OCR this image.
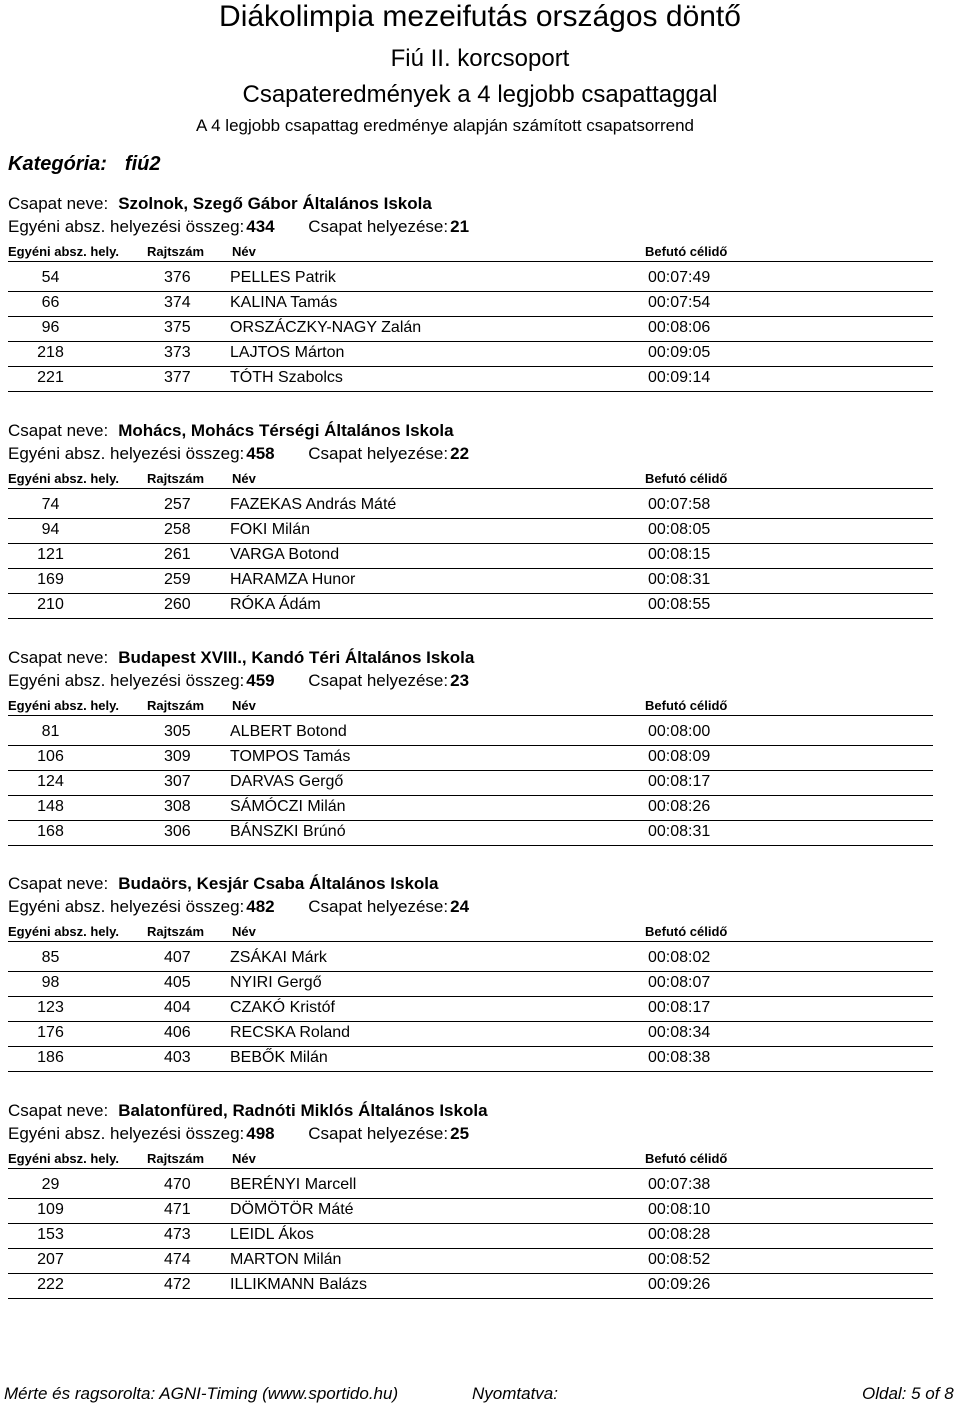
Diákolimpia mezeifutás országos döntő
Fiú II. korcsoport
Csapateredmények a 4 legjobb csapattaggal
A 4 legjobb csapattag eredménye alapján számított csapatsorrend
Kategória: fiú2
Csapat neve: Szolnok, Szegő Gábor Általános Iskola
Egyéni absz. helyezési összeg: 434 Csapat helyezése: 21
Egyéni absz. hely. Rajtszám Név	Befutó célidő
54	376 PELLES Patrik	00:07:49
66	374 KALINA Tamás	00:07:54
96	375 ORSZÁCZKY-NAGY Zalán	00:08:06
218	373 LAJTOS Márton	00:09:05
221	377 TÓTH Szabolcs	00:09:14
Csapat neve: Mohács, Mohács Térségi Általános Iskola
Egyéni absz. helyezési összeg: 458 Csapat helyezése: 22
Egyéni absz. hely. Rajtszám Név	Befutó célidő
74	257 FAZEKAS András Máté	00:07:58
94	258 FOKI Milán	00:08:05
121	261 VARGA Botond	00:08:15
169	259 HARAMZA Hunor	00:08:31
210	260 RÓKA Ádám	00:08:55
Csapat neve: Budapest XVIII., Kandó Téri Általános Iskola
Egyéni absz. helyezési összeg: 459 Csapat helyezése: 23
Egyéni absz. hely. Rajtszám Név	Befutó célidő
81	305 ALBERT Botond	00:08:00
106	309 TOMPOS Tamás	00:08:09
124	307 DARVAS Gergő	00:08:17
148	308 SÁMÓCZI Milán	00:08:26
168	306 BÁNSZKI Brúnó	00:08:31
Csapat neve: Budaörs, Kesjár Csaba Általános Iskola
Egyéni absz. helyezési összeg: 482 Csapat helyezése: 24
Egyéni absz. hely. Rajtszám Név	Befutó célidő
85	407 ZSÁKAI Márk	00:08:02
98	405 NYIRI Gergő	00:08:07
123	404 CZAKÓ Kristóf	00:08:17
176	406 RECSKA Roland	00:08:34
186	403 BEBŐK Milán	00:08:38
Csapat neve: Balatonfüred, Radnóti Miklós Általános Iskola
Egyéni absz. helyezési összeg: 498 Csapat helyezése: 25
Egyéni absz. hely. Rajtszám Név	Befutó célidő
29	470 BERÉNYI Marcell	00:07:38
109	471 DÖMÖTÖR Máté	00:08:10
153	473 LEIDL Ákos	00:08:28
207	474 MARTON Milán	00:08:52
222	472 ILLIKMANN Balázs	00:09:26
Mérte és ragsorolta: AGNI-Timing (www.sportido.hu)	Nyomtatva:	Oldal: 5 of 8
